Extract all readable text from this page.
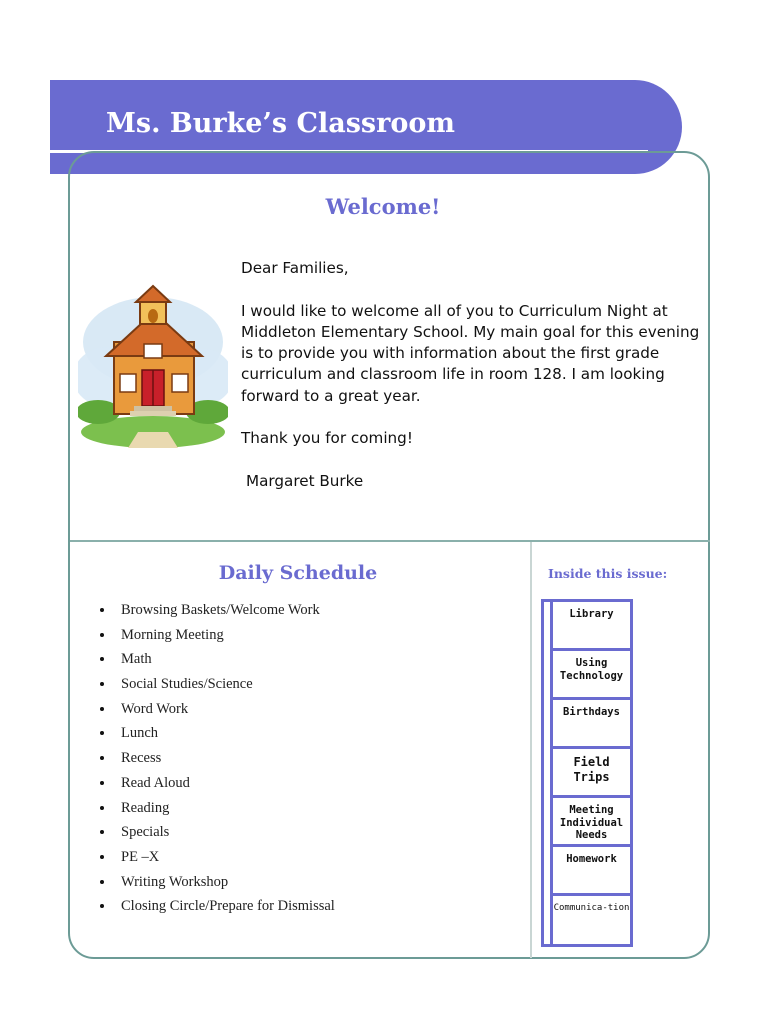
Ms. Burke’s Classroom
Welcome!

Dear Families,

I would like to welcome all of you to Curriculum Night at Middleton Elementary School. My main goal for this evening is to provide you with information about the first grade curriculum and classroom life in room 128. I am looking forward to a great year.

Thank you for coming!

Margaret Burke

Daily Schedule
Browsing Baskets/Welcome Work
Morning Meeting
Math
Social Studies/Science
Word Work
Lunch
Recess
Read Aloud
Reading
Specials
PE –X
Writing Workshop
Closing Circle/Prepare for Dismissal
Inside this issue:
Library
Using Technology
Birthdays
Field Trips
Meeting Individual Needs
Homework
Communica-tion
